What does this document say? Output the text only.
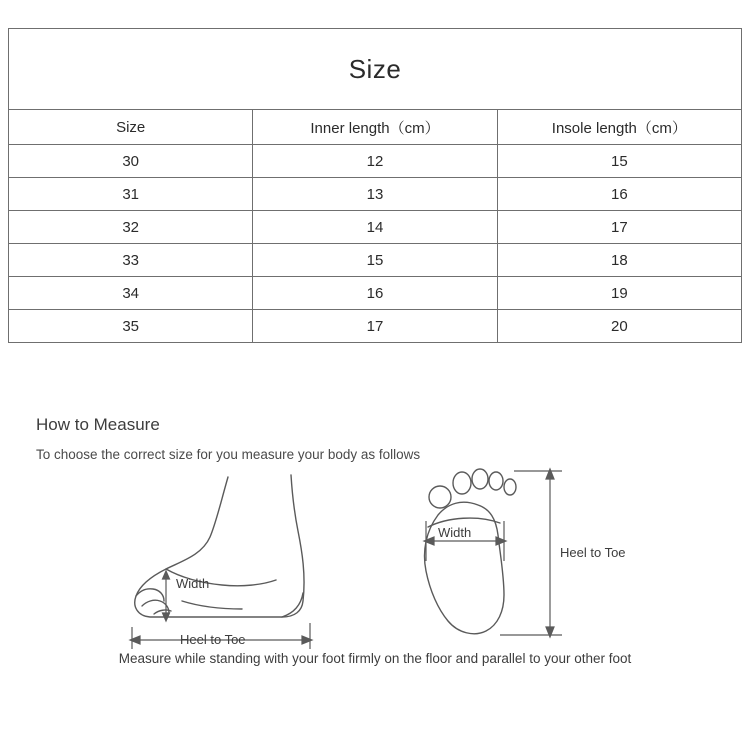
Size		
Size	Inner length（cm）	Insole length（cm）
30	12	15
31	13	16
32	14	17
33	15	18
34	16	19
35	17	20
How to Measure
To choose the correct size for you measure your body as follows
Width
Heel to Toe
Width
Heel to Toe
Measure while standing with your foot firmly on the floor and parallel to your other foot
